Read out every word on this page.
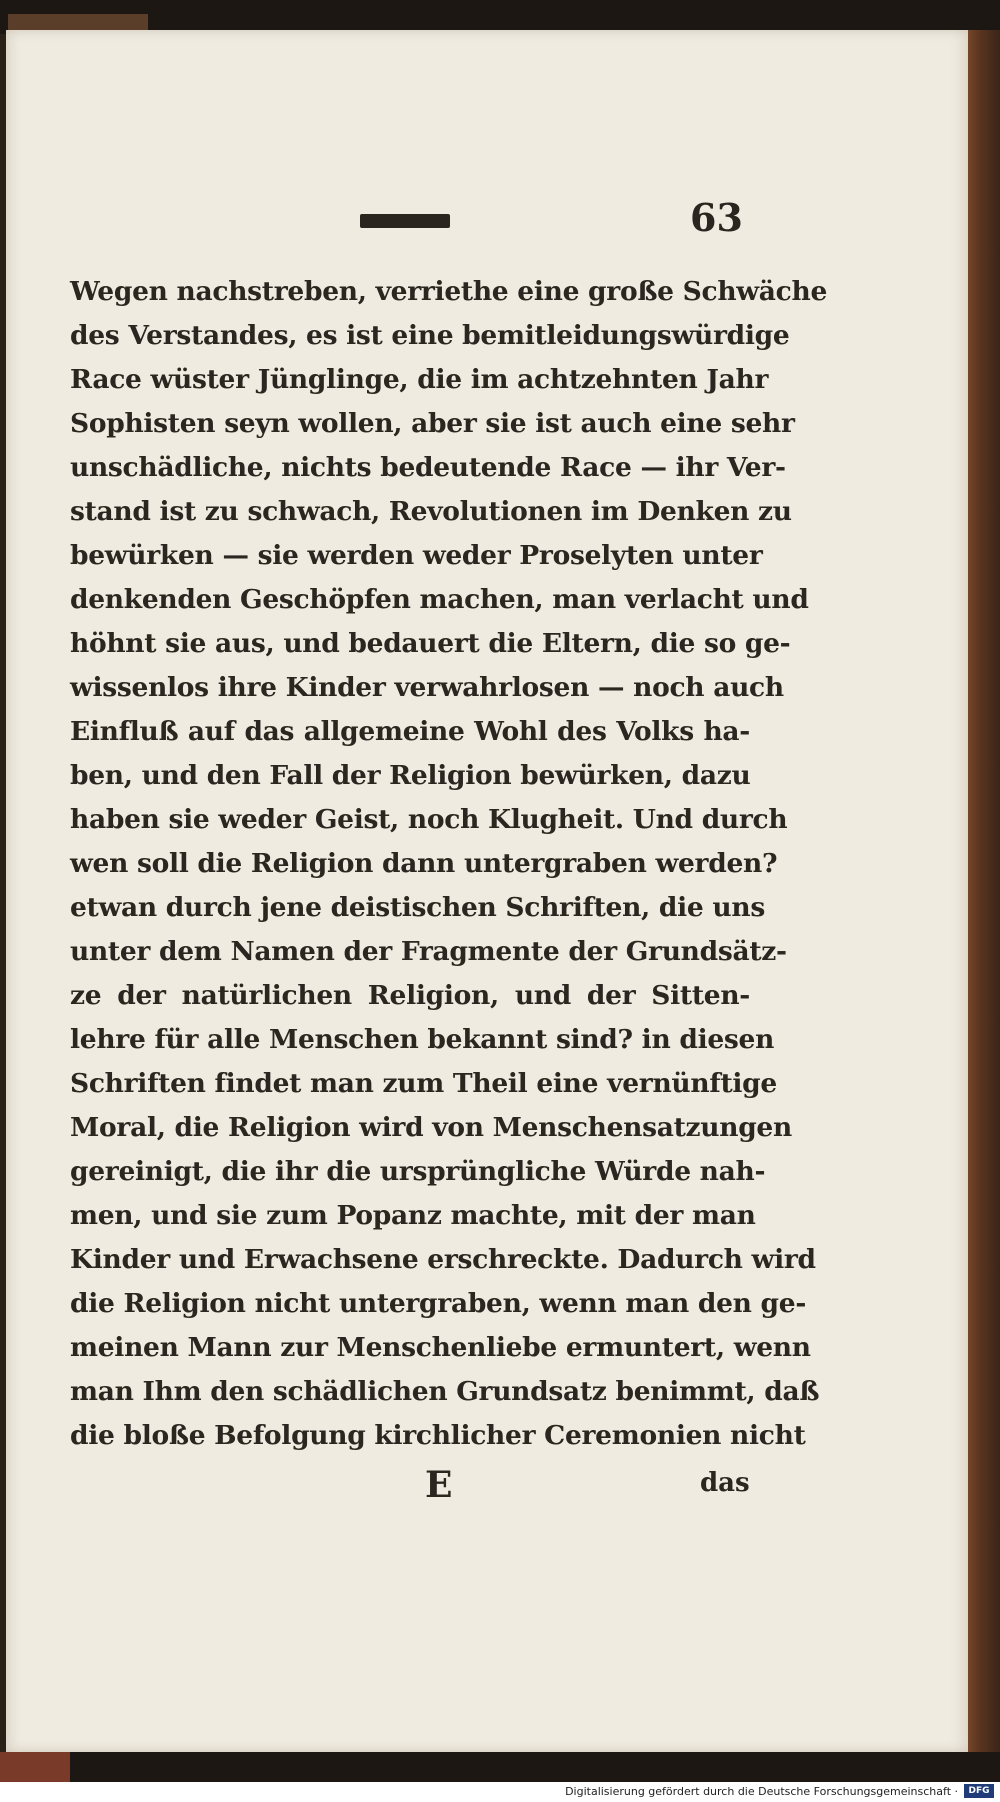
63
Wegen nachstreben, verriethe eine große Schwäche
des Verstandes, es ist eine bemitleidungswürdige
Race wüster Jünglinge, die im achtzehnten Jahr
Sophisten seyn wollen, aber sie ist auch eine sehr
unschädliche, nichts bedeutende Race — ihr Ver-
stand ist zu schwach, Revolutionen im Denken zu
bewürken — sie werden weder Proselyten unter
denkenden Geschöpfen machen, man verlacht und
höhnt sie aus, und bedauert die Eltern, die so ge-
wissenlos ihre Kinder verwahrlosen — noch auch
Einfluß auf das allgemeine Wohl des Volks ha-
ben, und den Fall der Religion bewürken, dazu
haben sie weder Geist, noch Klugheit. Und durch
wen soll die Religion dann untergraben werden?
etwan durch jene deistischen Schriften, die uns
unter dem Namen der Fragmente der Grundsätz-
ze der natürlichen Religion, und der Sitten-
lehre für alle Menschen bekannt sind? in diesen
Schriften findet man zum Theil eine vernünftige
Moral, die Religion wird von Menschensatzungen
gereinigt, die ihr die ursprüngliche Würde nah-
men, und sie zum Popanz machte, mit der man
Kinder und Erwachsene erschreckte. Dadurch wird
die Religion nicht untergraben, wenn man den ge-
meinen Mann zur Menschenliebe ermuntert, wenn
man Ihm den schädlichen Grundsatz benimmt, daß
die bloße Befolgung kirchlicher Ceremonien nicht
E	das
Digitalisierung gefördert durch die Deutsche Forschungsgemeinschaft ·	DFG
